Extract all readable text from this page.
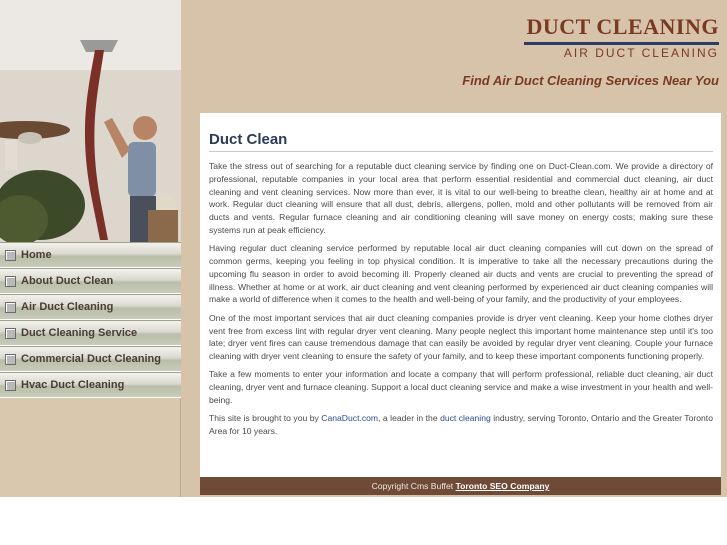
Home
About Duct Clean
Air Duct Cleaning
Duct Cleaning Service
Commercial Duct Cleaning
Hvac Duct Cleaning
DUCT CLEANING
AIR DUCT CLEANING
Find Air Duct Cleaning Services Near You
Duct Clean

Take the stress out of searching for a reputable duct cleaning service by finding one on Duct-Clean.com. We provide a directory of professional, reputable companies in your local area that perform essential residential and commercial duct cleaning, air duct cleaning and vent cleaning services. Now more than ever, it is vital to our well-being to breathe clean, healthy air at home and at work. Regular duct cleaning will ensure that all dust, debris, allergens, pollen, mold and other pollutants will be removed from air ducts and vents. Regular furnace cleaning and air conditioning cleaning will save money on energy costs; making sure these systems run at peak efficiency.

Having regular duct cleaning service performed by reputable local air duct cleaning companies will cut down on the spread of common germs, keeping you feeling in top physical condition. It is imperative to take all the necessary precautions during the upcoming flu season in order to avoid becoming ill. Properly cleaned air ducts and vents are crucial to preventing the spread of illness. Whether at home or at work, air duct cleaning and vent cleaning performed by experienced air duct cleaning companies will make a world of difference when it comes to the health and well-being of your family, and the productivity of your employees.

One of the most important services that air duct cleaning companies provide is dryer vent cleaning. Keep your home clothes dryer vent free from excess lint with regular dryer vent cleaning. Many people neglect this important home maintenance step until it's too late; dryer vent fires can cause tremendous damage that can easily be avoided by regular dryer vent cleaning. Couple your furnace cleaning with dryer vent cleaning to ensure the safety of your family, and to keep these important components functioning properly.

Take a few moments to enter your information and locate a company that will perform professional, reliable duct cleaning, air duct cleaning, dryer vent and furnace cleaning. Support a local duct cleaning service and make a wise investment in your health and well-being.

This site is brought to you by CanaDuct.com, a leader in the duct cleaning industry, serving Toronto, Ontario and the Greater Toronto Area for 10 years.

Copyright Cms Buffet Toronto SEO Company
